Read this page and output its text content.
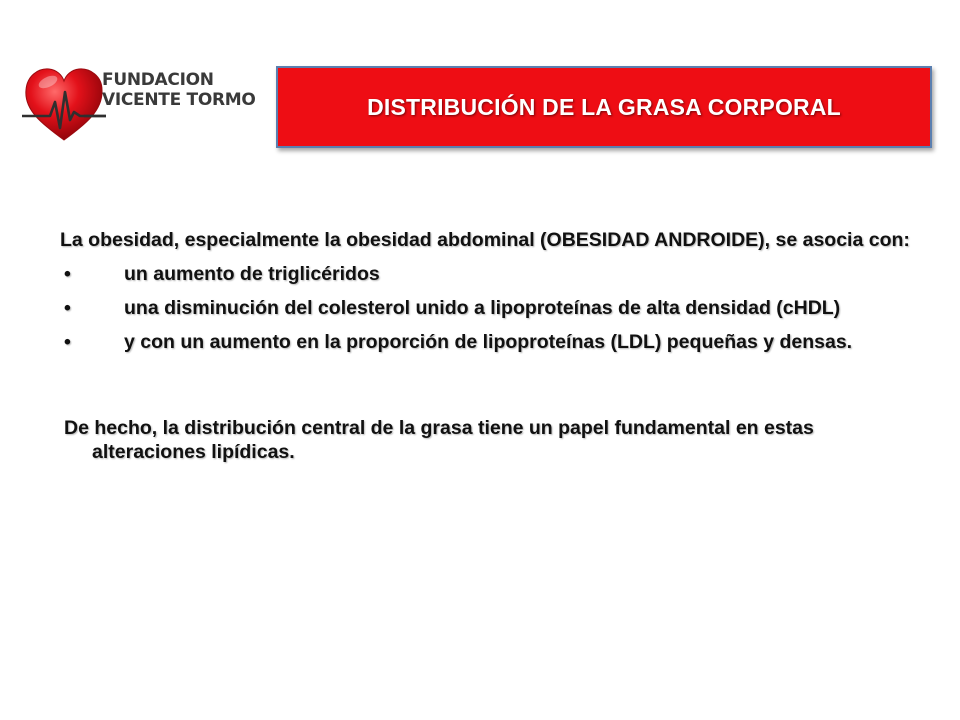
FUNDACION
VICENTE TORMO	DISTRIBUCIÓN DE LA GRASA CORPORAL

La obesidad, especialmente la obesidad abdominal (OBESIDAD ANDROIDE), se asocia con:

•	un aumento de triglicéridos
•	una disminución del colesterol unido a lipoproteínas de alta densidad (cHDL)
•	y con un aumento en la proporción de lipoproteínas (LDL) pequeñas y densas.

De hecho, la distribución central de la grasa tiene un papel fundamental en estas alteraciones lipídicas.
